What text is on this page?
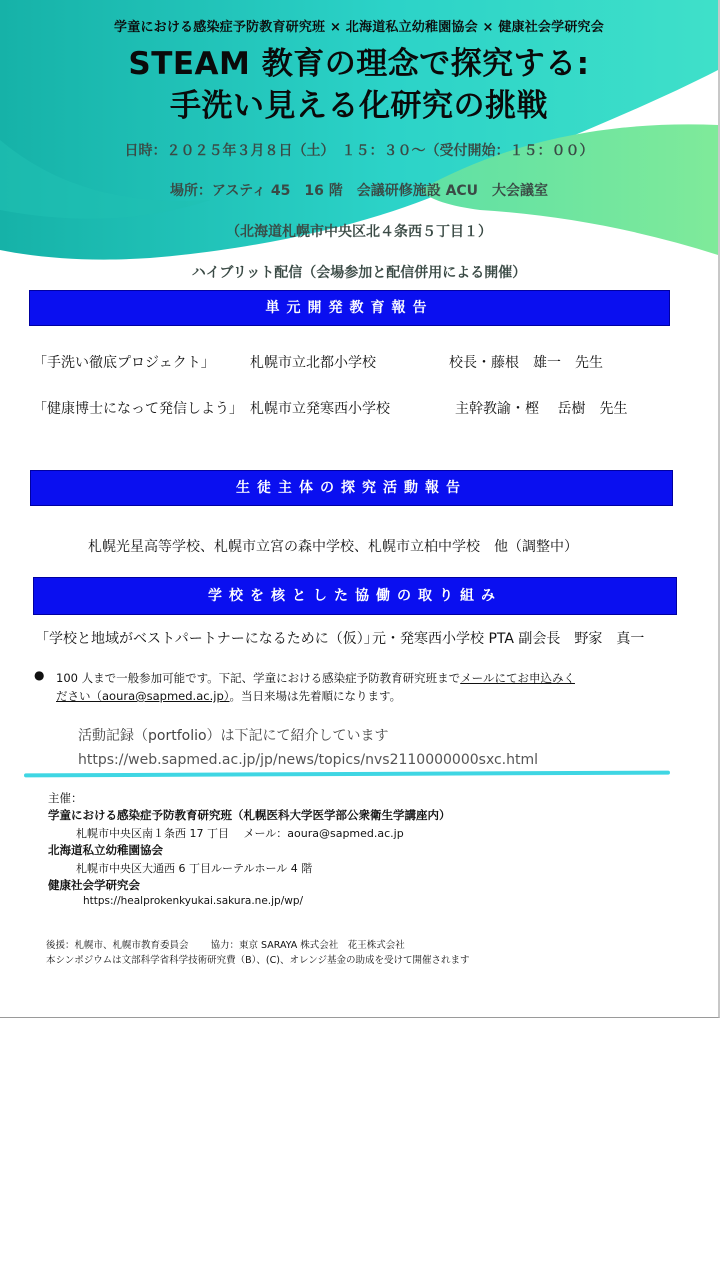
学童における感染症予防教育研究班 × 北海道私立幼稚園協会 × 健康社会学研究会
STEAM 教育の理念で探究する:
手洗い見える化研究の挑戦
日時：２０２５年３月８日（土）　１５：３０～（受付開始：１５：００）
場所：アスティ 45　16 階　会議研修施設 ACU　大会議室
（北海道札幌市中央区北４条西５丁目１）
ハイブリット配信（会場参加と配信併用による開催）
単元開発教育報告
「手洗い徹底プロジェクト」	札幌市立北都小学校	校長・藤根　雄一　先生
「健康博士になって発信しよう」 札幌市立発寒西小学校	主幹教諭・樫　 岳樹　先生
生徒主体の探究活動報告
札幌光星高等学校、札幌市立宮の森中学校、札幌市立柏中学校　他（調整中）
学校を核とした協働の取り組み
「学校と地域がベストパートナーになるために（仮）」
元・発寒西小学校 PTA 副会長　野家　真一
● 100 人まで一般参加可能です。下記、学童における感染症予防教育研究班までメールにてお申込みく
ださい（aoura@sapmed.ac.jp）。当日来場は先着順になります。
活動記録（portfolio）は下記にて紹介しています
https://web.sapmed.ac.jp/jp/news/topics/nvs2110000000sxc.html
主催：
学童における感染症予防教育研究班（札幌医科大学医学部公衆衛生学講座内）
札幌市中央区南１条西 17 丁目　 メール：aoura@sapmed.ac.jp
北海道私立幼稚園協会
札幌市中央区大通西 6 丁目ルーテルホール 4 階
健康社会学研究会
https://healprokenkyukai.sakura.ne.jp/wp/
後援：札幌市、札幌市教育委員会　　 協力：東京 SARAYA 株式会社　花王株式会社
本シンポジウムは文部科学省科学技術研究費（B）、(C)、オレンジ基金の助成を受けて開催されます
